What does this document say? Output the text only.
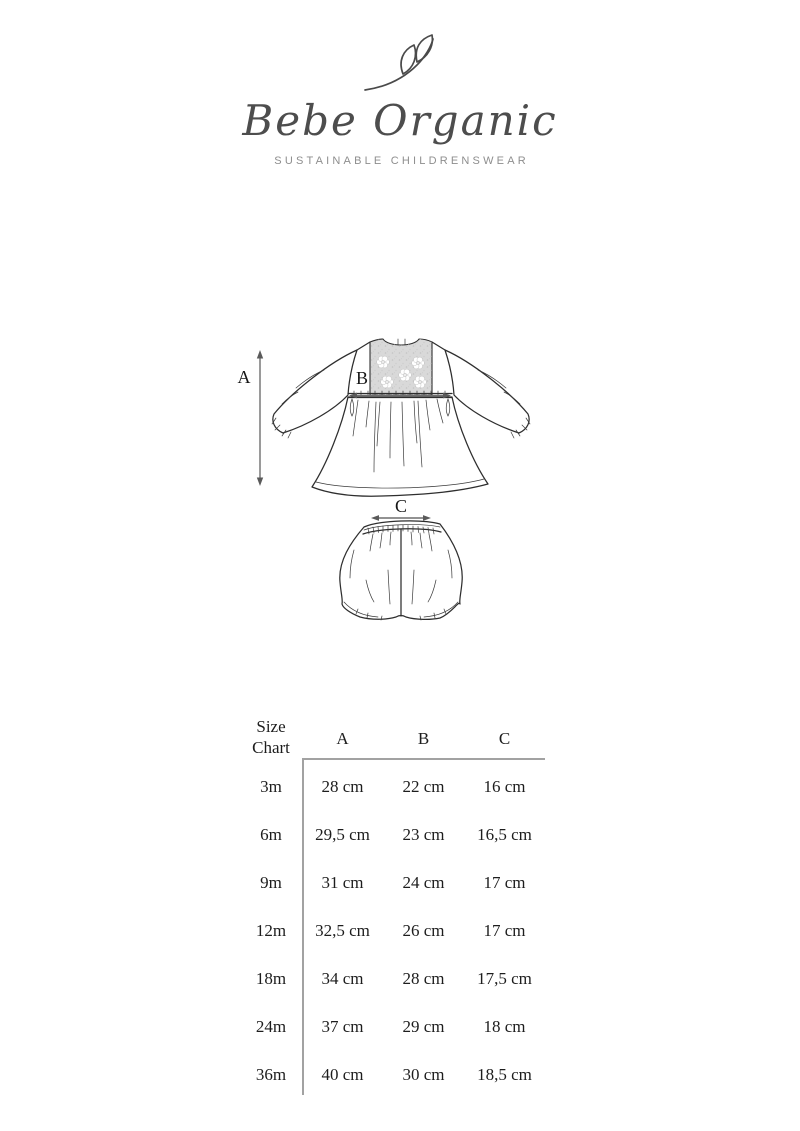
Bebe Organic
SUSTAINABLE CHILDRENSWEAR
A	B
C
Size Chart	A	B	C
3m	28 cm	22 cm	16 cm
6m	29,5 cm	23 cm	16,5 cm
9m	31 cm	24 cm	17 cm
12m	32,5 cm	26 cm	17 cm
18m	34 cm	28 cm	17,5 cm
24m	37 cm	29 cm	18 cm
36m	40 cm	30 cm	18,5 cm
